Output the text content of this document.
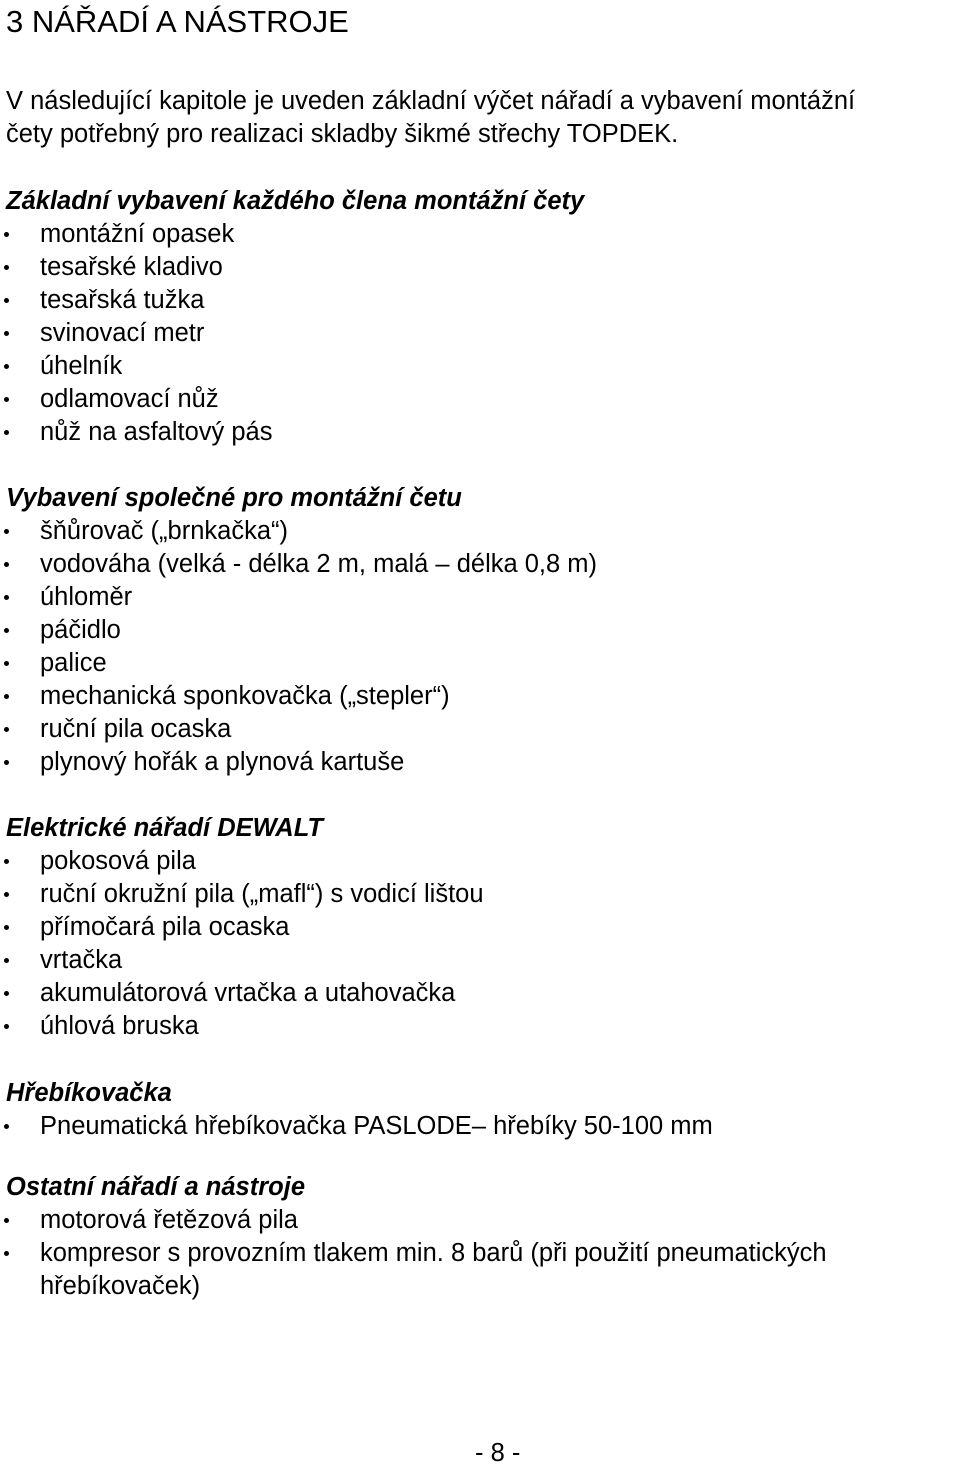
3 NÁŘADÍ A NÁSTROJE

V následující kapitole je uveden základní výčet nářadí a vybavení montážní
čety potřebný pro realizaci skladby šikmé střechy TOPDEK.

Základní vybavení každého člena montážní čety
montážní opasek
tesařské kladivo
tesařská tužka
svinovací metr
úhelník
odlamovací nůž
nůž na asfaltový pás
Vybavení společné pro montážní četu
šňůrovač („brnkačka“)
vodováha (velká - délka 2 m, malá – délka 0,8 m)
úhloměr
páčidlo
palice
mechanická sponkovačka („stepler“)
ruční pila ocaska
plynový hořák a plynová kartuše
Elektrické nářadí DEWALT
pokosová pila
ruční okružní pila („mafl“) s vodicí lištou
přímočará pila ocaska
vrtačka
akumulátorová vrtačka a utahovačka
úhlová bruska
Hřebíkovačka
Pneumatická hřebíkovačka PASLODE– hřebíky 50-100 mm
Ostatní nářadí a nástroje
motorová řetězová pila
kompresor s provozním tlakem min. 8 barů (při použití pneumatických
hřebíkovaček)
- 8 -
